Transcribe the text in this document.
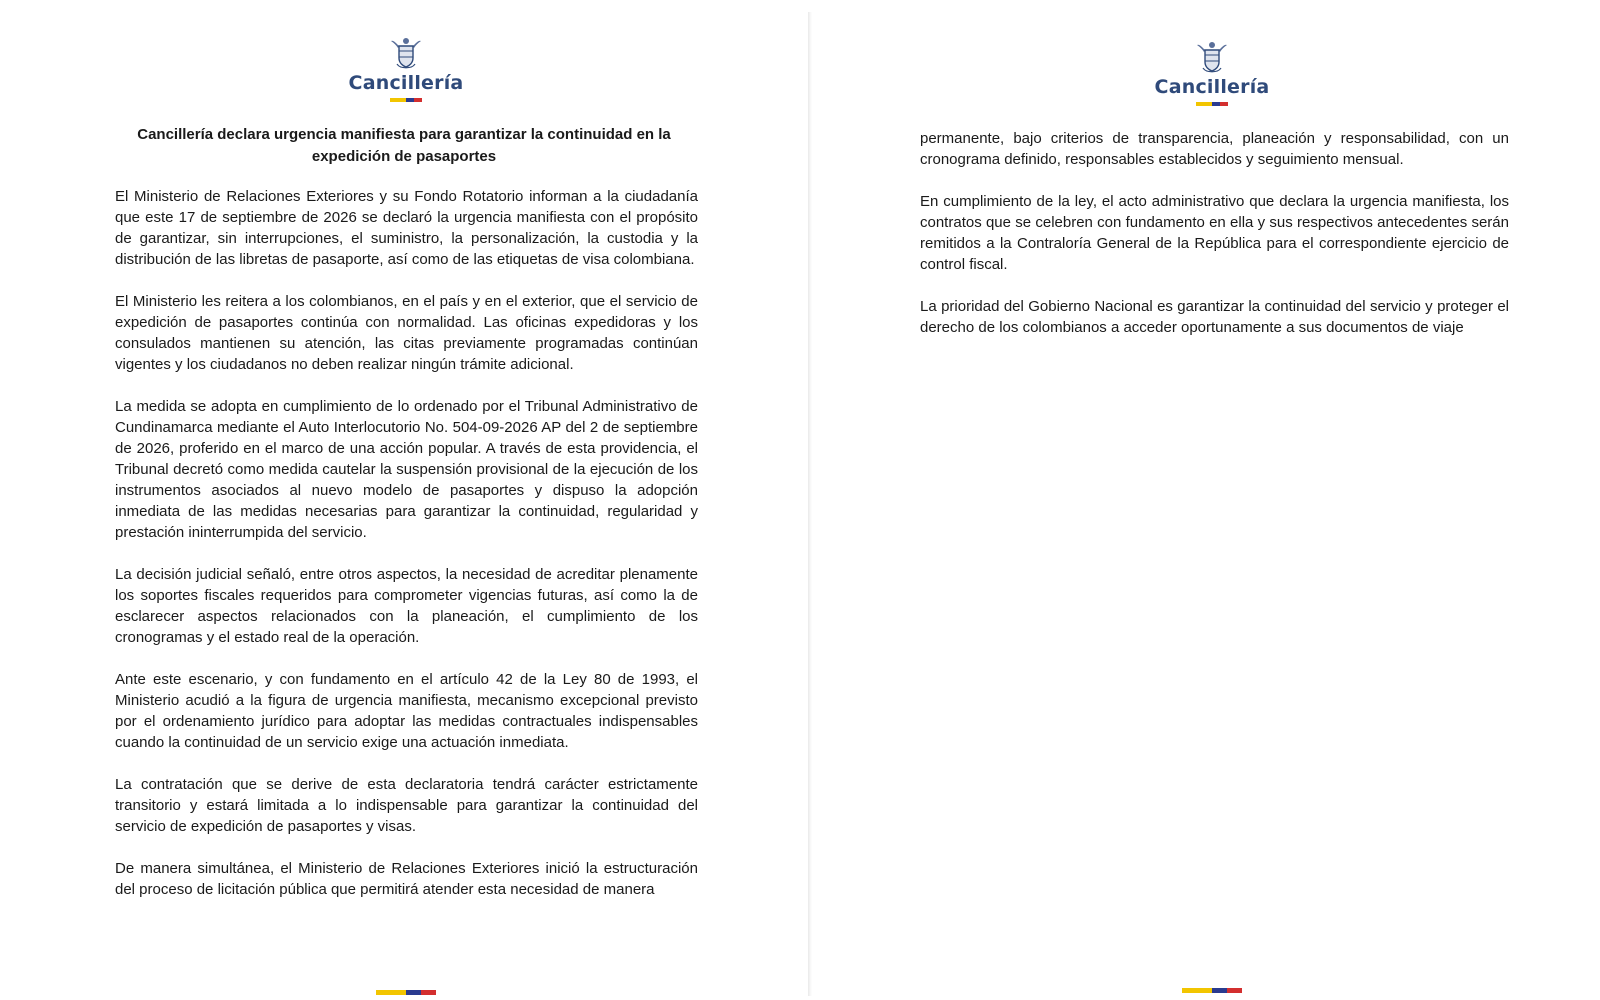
Cancillería
Cancillería declara urgencia manifiesta para garantizar la continuidad en la expedición de pasaportes

El Ministerio de Relaciones Exteriores y su Fondo Rotatorio informan a la ciudadanía que este 17 de septiembre de 2026 se declaró la urgencia manifiesta con el propósito de garantizar, sin interrupciones, el suministro, la personalización, la custodia y la distribución de las libretas de pasaporte, así como de las etiquetas de visa colombiana.

El Ministerio les reitera a los colombianos, en el país y en el exterior, que el servicio de expedición de pasaportes continúa con normalidad. Las oficinas expedidoras y los consulados mantienen su atención, las citas previamente programadas continúan vigentes y los ciudadanos no deben realizar ningún trámite adicional.

La medida se adopta en cumplimiento de lo ordenado por el Tribunal Administrativo de Cundinamarca mediante el Auto Interlocutorio No. 504-09-2026 AP del 2 de septiembre de 2026, proferido en el marco de una acción popular. A través de esta providencia, el Tribunal decretó como medida cautelar la suspensión provisional de la ejecución de los instrumentos asociados al nuevo modelo de pasaportes y dispuso la adopción inmediata de las medidas necesarias para garantizar la continuidad, regularidad y prestación ininterrumpida del servicio.

La decisión judicial señaló, entre otros aspectos, la necesidad de acreditar plenamente los soportes fiscales requeridos para comprometer vigencias futuras, así como la de esclarecer aspectos relacionados con la planeación, el cumplimiento de los cronogramas y el estado real de la operación.

Ante este escenario, y con fundamento en el artículo 42 de la Ley 80 de 1993, el Ministerio acudió a la figura de urgencia manifiesta, mecanismo excepcional previsto por el ordenamiento jurídico para adoptar las medidas contractuales indispensables cuando la continuidad de un servicio exige una actuación inmediata.

La contratación que se derive de esta declaratoria tendrá carácter estrictamente transitorio y estará limitada a lo indispensable para garantizar la continuidad del servicio de expedición de pasaportes y visas.

De manera simultánea, el Ministerio de Relaciones Exteriores inició la estructuración del proceso de licitación pública que permitirá atender esta necesidad de manera

Cancillería

permanente, bajo criterios de transparencia, planeación y responsabilidad, con un cronograma definido, responsables establecidos y seguimiento mensual.

En cumplimiento de la ley, el acto administrativo que declara la urgencia manifiesta, los contratos que se celebren con fundamento en ella y sus respectivos antecedentes serán remitidos a la Contraloría General de la República para el correspondiente ejercicio de control fiscal.

La prioridad del Gobierno Nacional es garantizar la continuidad del servicio y proteger el derecho de los colombianos a acceder oportunamente a sus documentos de viaje
